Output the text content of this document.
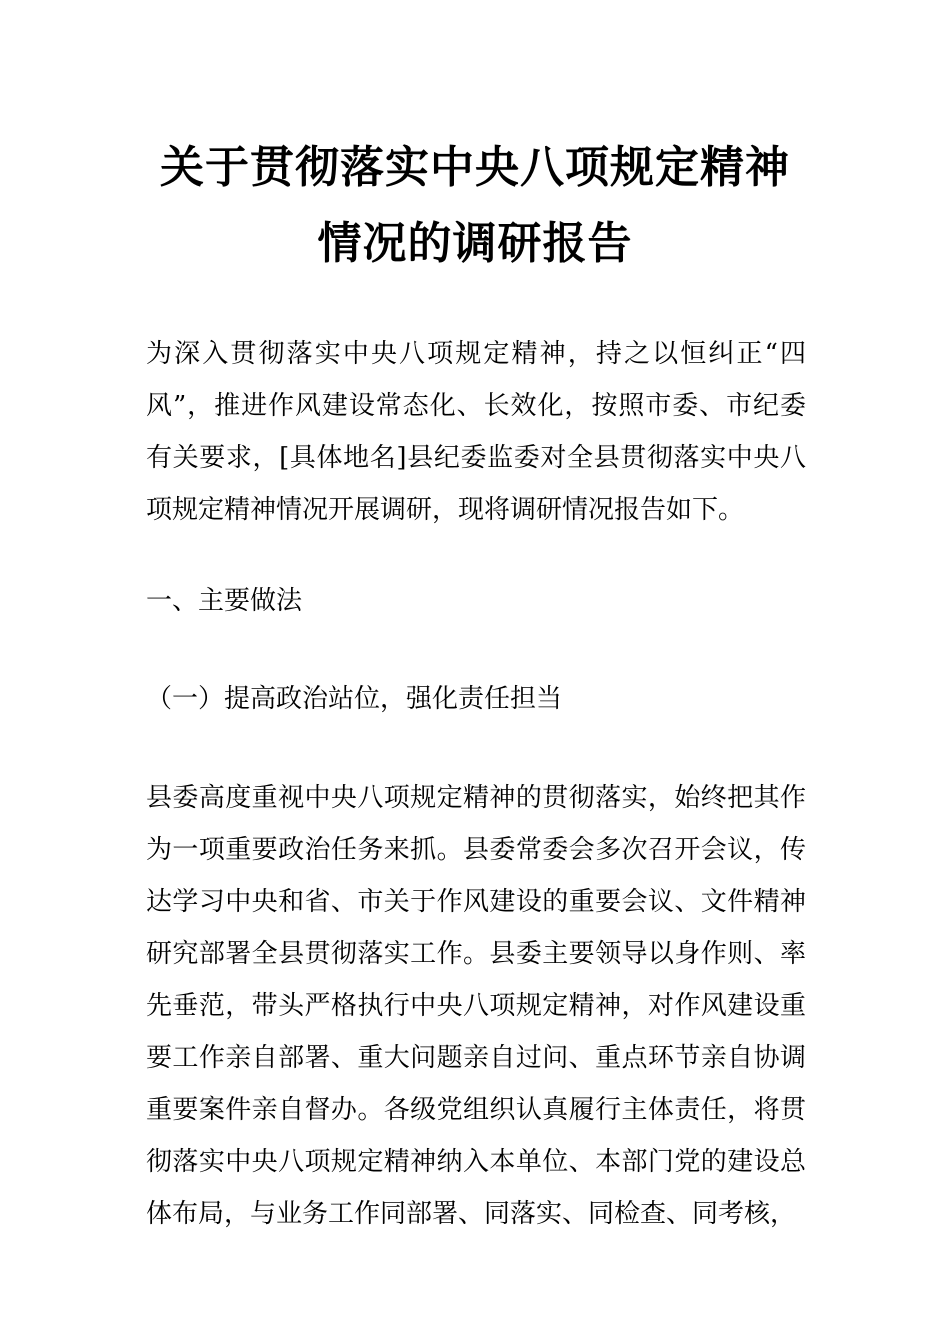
关于贯彻落实中央八项规定精神
情况的调研报告

为深入贯彻落实中央八项规定精神，持之以恒纠正“四风”，推进作风建设常态化、长效化，按照市委、市纪委有关要求，[具体地名]县纪委监委对全县贯彻落实中央八项规定精神情况开展调研，现将调研情况报告如下。

一、主要做法

（一）提高政治站位，强化责任担当

县委高度重视中央八项规定精神的贯彻落实，始终把其作为一项重要政治任务来抓。县委常委会多次召开会议，传达学习中央和省、市关于作风建设的重要会议、文件精神研究部署全县贯彻落实工作。县委主要领导以身作则、率先垂范，带头严格执行中央八项规定精神，对作风建设重要工作亲自部署、重大问题亲自过问、重点环节亲自协调重要案件亲自督办。各级党组织认真履行主体责任，将贯彻落实中央八项规定精神纳入本单位、本部门党的建设总体布局，与业务工作同部署、同落实、同检查、同考核，
